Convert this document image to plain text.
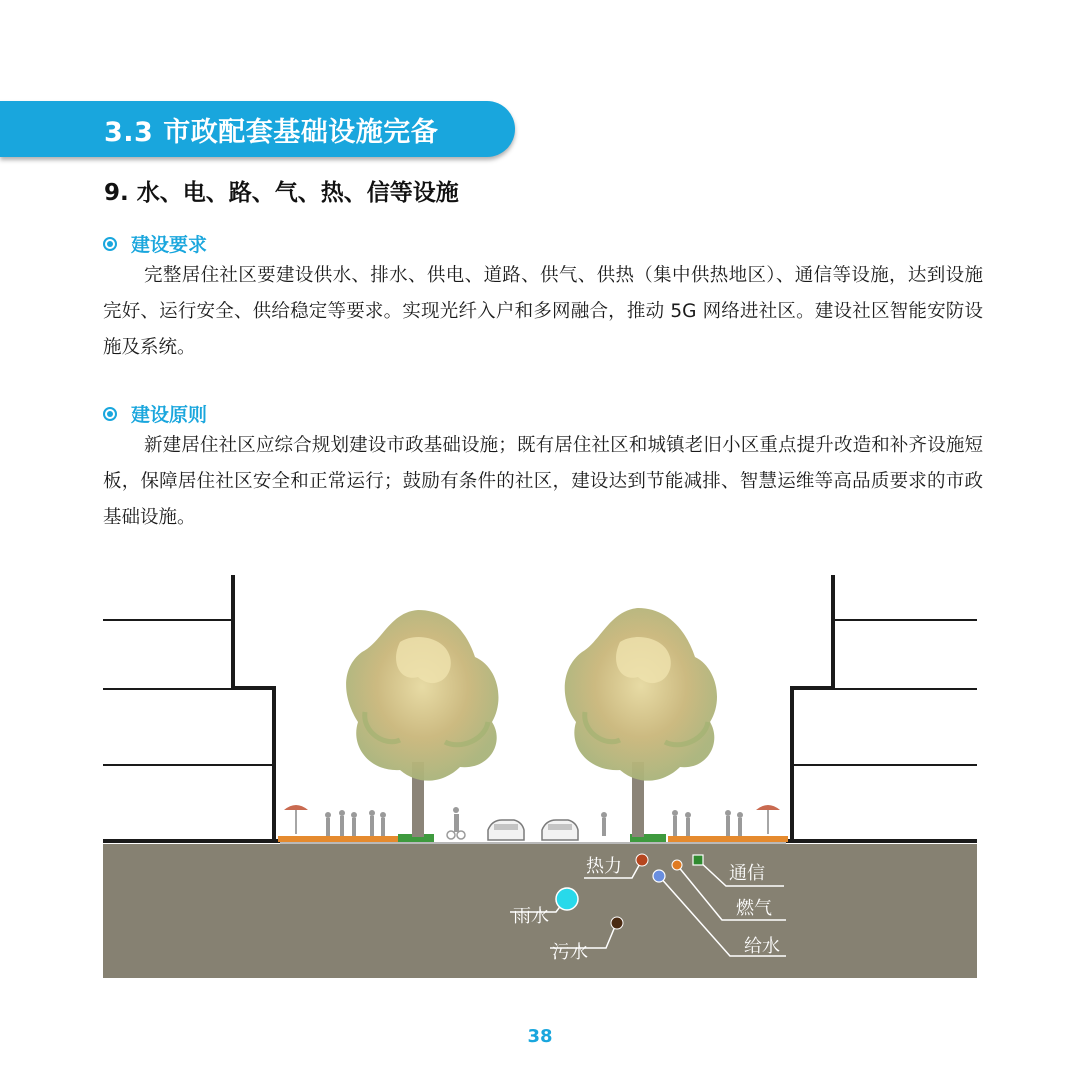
3.3 市政配套基础设施完备
9. 水、电、路、气、热、信等设施
建设要求

完整居住社区要建设供水、排水、供电、道路、供气、供热（集中供热地区）、通信等设施，达到设施完好、运行安全、供给稳定等要求。实现光纤入户和多网融合，推动 5G 网络进社区。建设社区智能安防设施及系统。

建设原则

新建居住社区应综合规划建设市政基础设施；既有居住社区和城镇老旧小区重点提升改造和补齐设施短板，保障居住社区安全和正常运行；鼓励有条件的社区，建设达到节能减排、智慧运维等高品质要求的市政基础设施。

热力	通信
雨水	燃气
污水	给水
38
